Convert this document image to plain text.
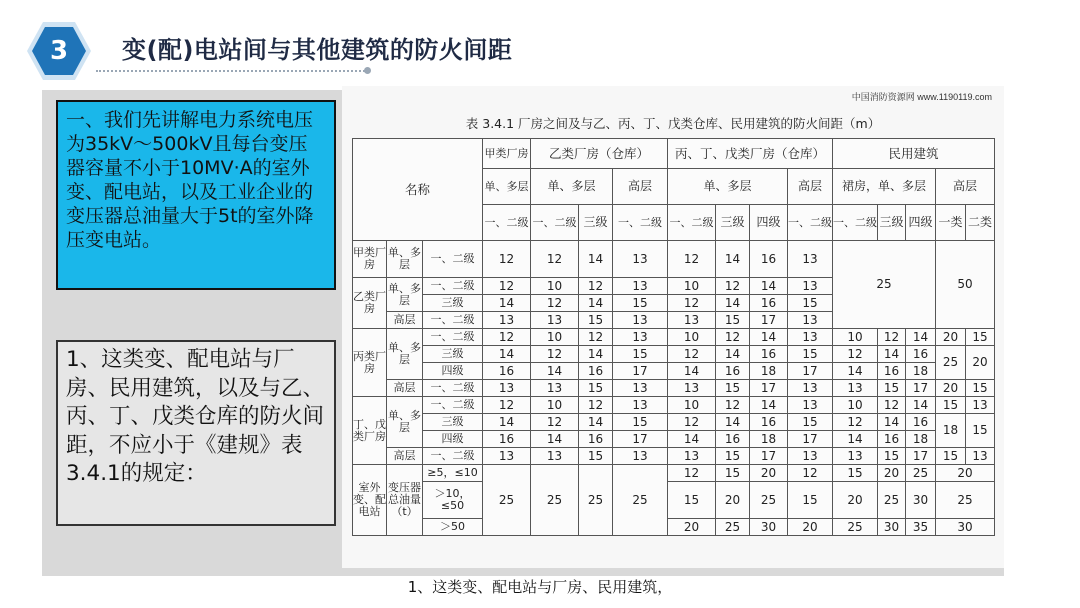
3	变(配)电站间与其他建筑的防火间距
一、我们先讲解电力系统电压为35kV～500kV且每台变压器容量不小于10MV·A的室外变、配电站，以及工业企业的变压器总油量大于5t的室外降压变电站。
1、这类变、配电站与厂房、民用建筑，以及与乙、丙、丁、戊类仓库的防火间距，不应小于《建规》表3.4.1的规定：
中国消防资源网 www.1190119.com
表 3.4.1 厂房之间及与乙、丙、丁、戊类仓库、民用建筑的防火间距（m）
名称			甲类厂房	乙类厂房（仓库）			丙、丁、戊类厂房（仓库）				民用建筑				
			单、多层	单、多层		高层	单、多层			高层	裙房，单、多层			高层	
			一、二级	一、二级	三级	一、二级	一、二级	三级	四级	一、二级	一、二级	三级	四级	一类	二类
甲类厂房	单、多层	一、二级	12	12	14	13	12	14	16	13	25			50	
乙类厂房	单、多层	一、二级	12	10	12	13	10	12	14	13					
		三级	14	12	14	15	12	14	16	15					
	高层	一、二级	13	13	15	13	13	15	17	13					
丙类厂房	单、多层	一、二级	12	10	12	13	10	12	14	13	10	12	14	20	15
		三级	14	12	14	15	12	14	16	15	12	14	16	25	20
		四级	16	14	16	17	14	16	18	17	14	16	18		
	高层	一、二级	13	13	15	13	13	15	17	13	13	15	17	20	15
丁、戊类厂房	单、多层	一、二级	12	10	12	13	10	12	14	13	10	12	14	15	13
		三级	14	12	14	15	12	14	16	15	12	14	16	18	15
		四级	16	14	16	17	14	16	18	17	14	16	18		
	高层	一、二级	13	13	15	13	13	15	17	13	13	15	17	15	13
室外变、配电站	变压器总油量（t）	≥5，≤10	25	25	25	25	12	15	20	12	15	20	25	20	
		＞10，≤50					15	20	25	15	20	25	30	25	
		＞50					20	25	30	20	25	30	35	30	
1、这类变、配电站与厂房、民用建筑，
